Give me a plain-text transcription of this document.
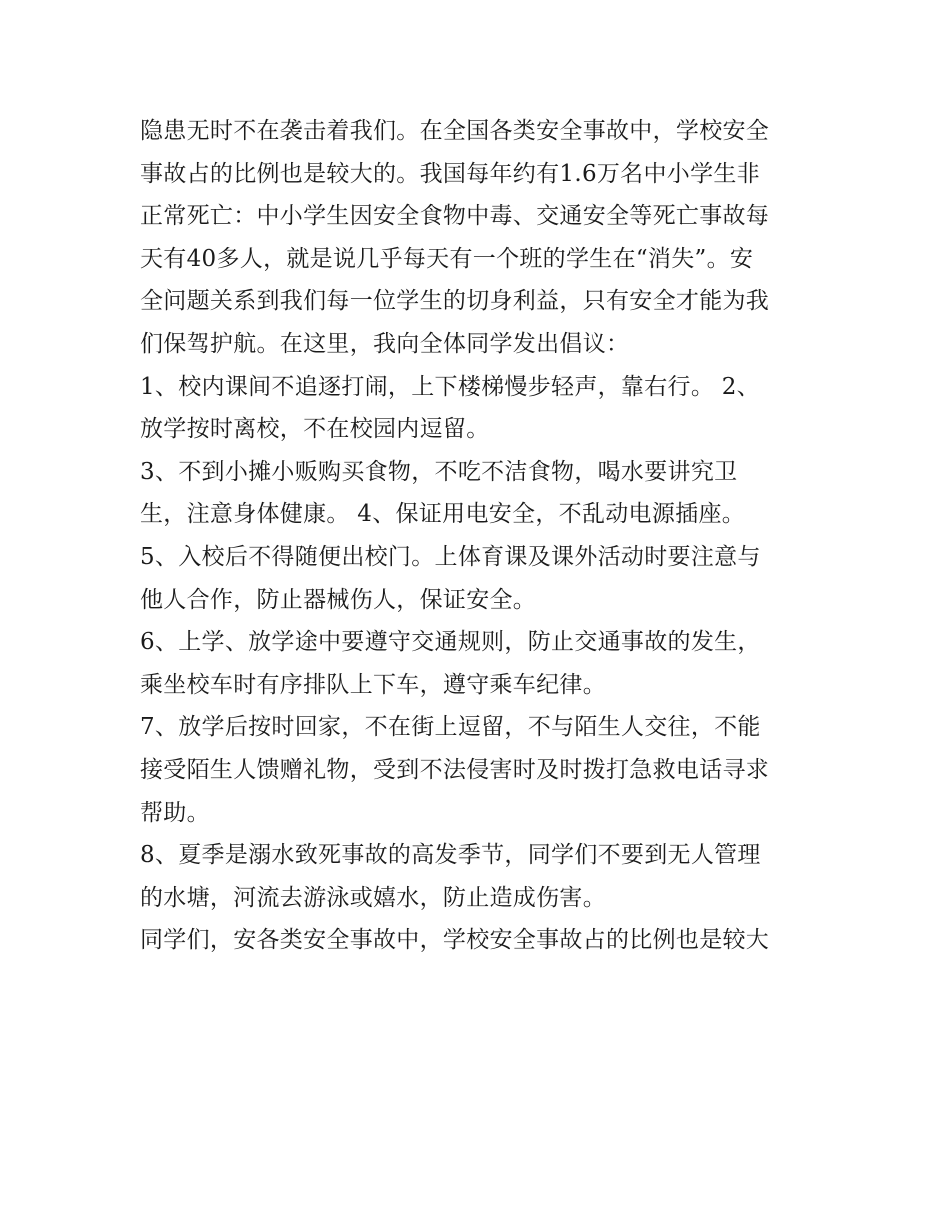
隐患无时不在袭击着我们。在全国各类安全事故中，学校安全
事故占的比例也是较大的。我国每年约有1.6万名中小学生非
正常死亡：中小学生因安全食物中毒、交通安全等死亡事故每
天有40多人，就是说几乎每天有一个班的学生在“消失”。安
全问题关系到我们每一位学生的切身利益，只有安全才能为我
们保驾护航。在这里，我向全体同学发出倡议：
1、校内课间不追逐打闹，上下楼梯慢步轻声，靠右行。 2、
放学按时离校，不在校园内逗留。
3、不到小摊小贩购买食物，不吃不洁食物，喝水要讲究卫
生，注意身体健康。 4、保证用电安全，不乱动电源插座。
5、入校后不得随便出校门。上体育课及课外活动时要注意与
他人合作，防止器械伤人，保证安全。
6、上学、放学途中要遵守交通规则，防止交通事故的发生，
乘坐校车时有序排队上下车，遵守乘车纪律。
7、放学后按时回家，不在街上逗留，不与陌生人交往，不能
接受陌生人馈赠礼物，受到不法侵害时及时拨打急救电话寻求
帮助。
8、夏季是溺水致死事故的高发季节，同学们不要到无人管理
的水塘，河流去游泳或嬉水，防止造成伤害。
同学们，安各类安全事故中，学校安全事故占的比例也是较大
